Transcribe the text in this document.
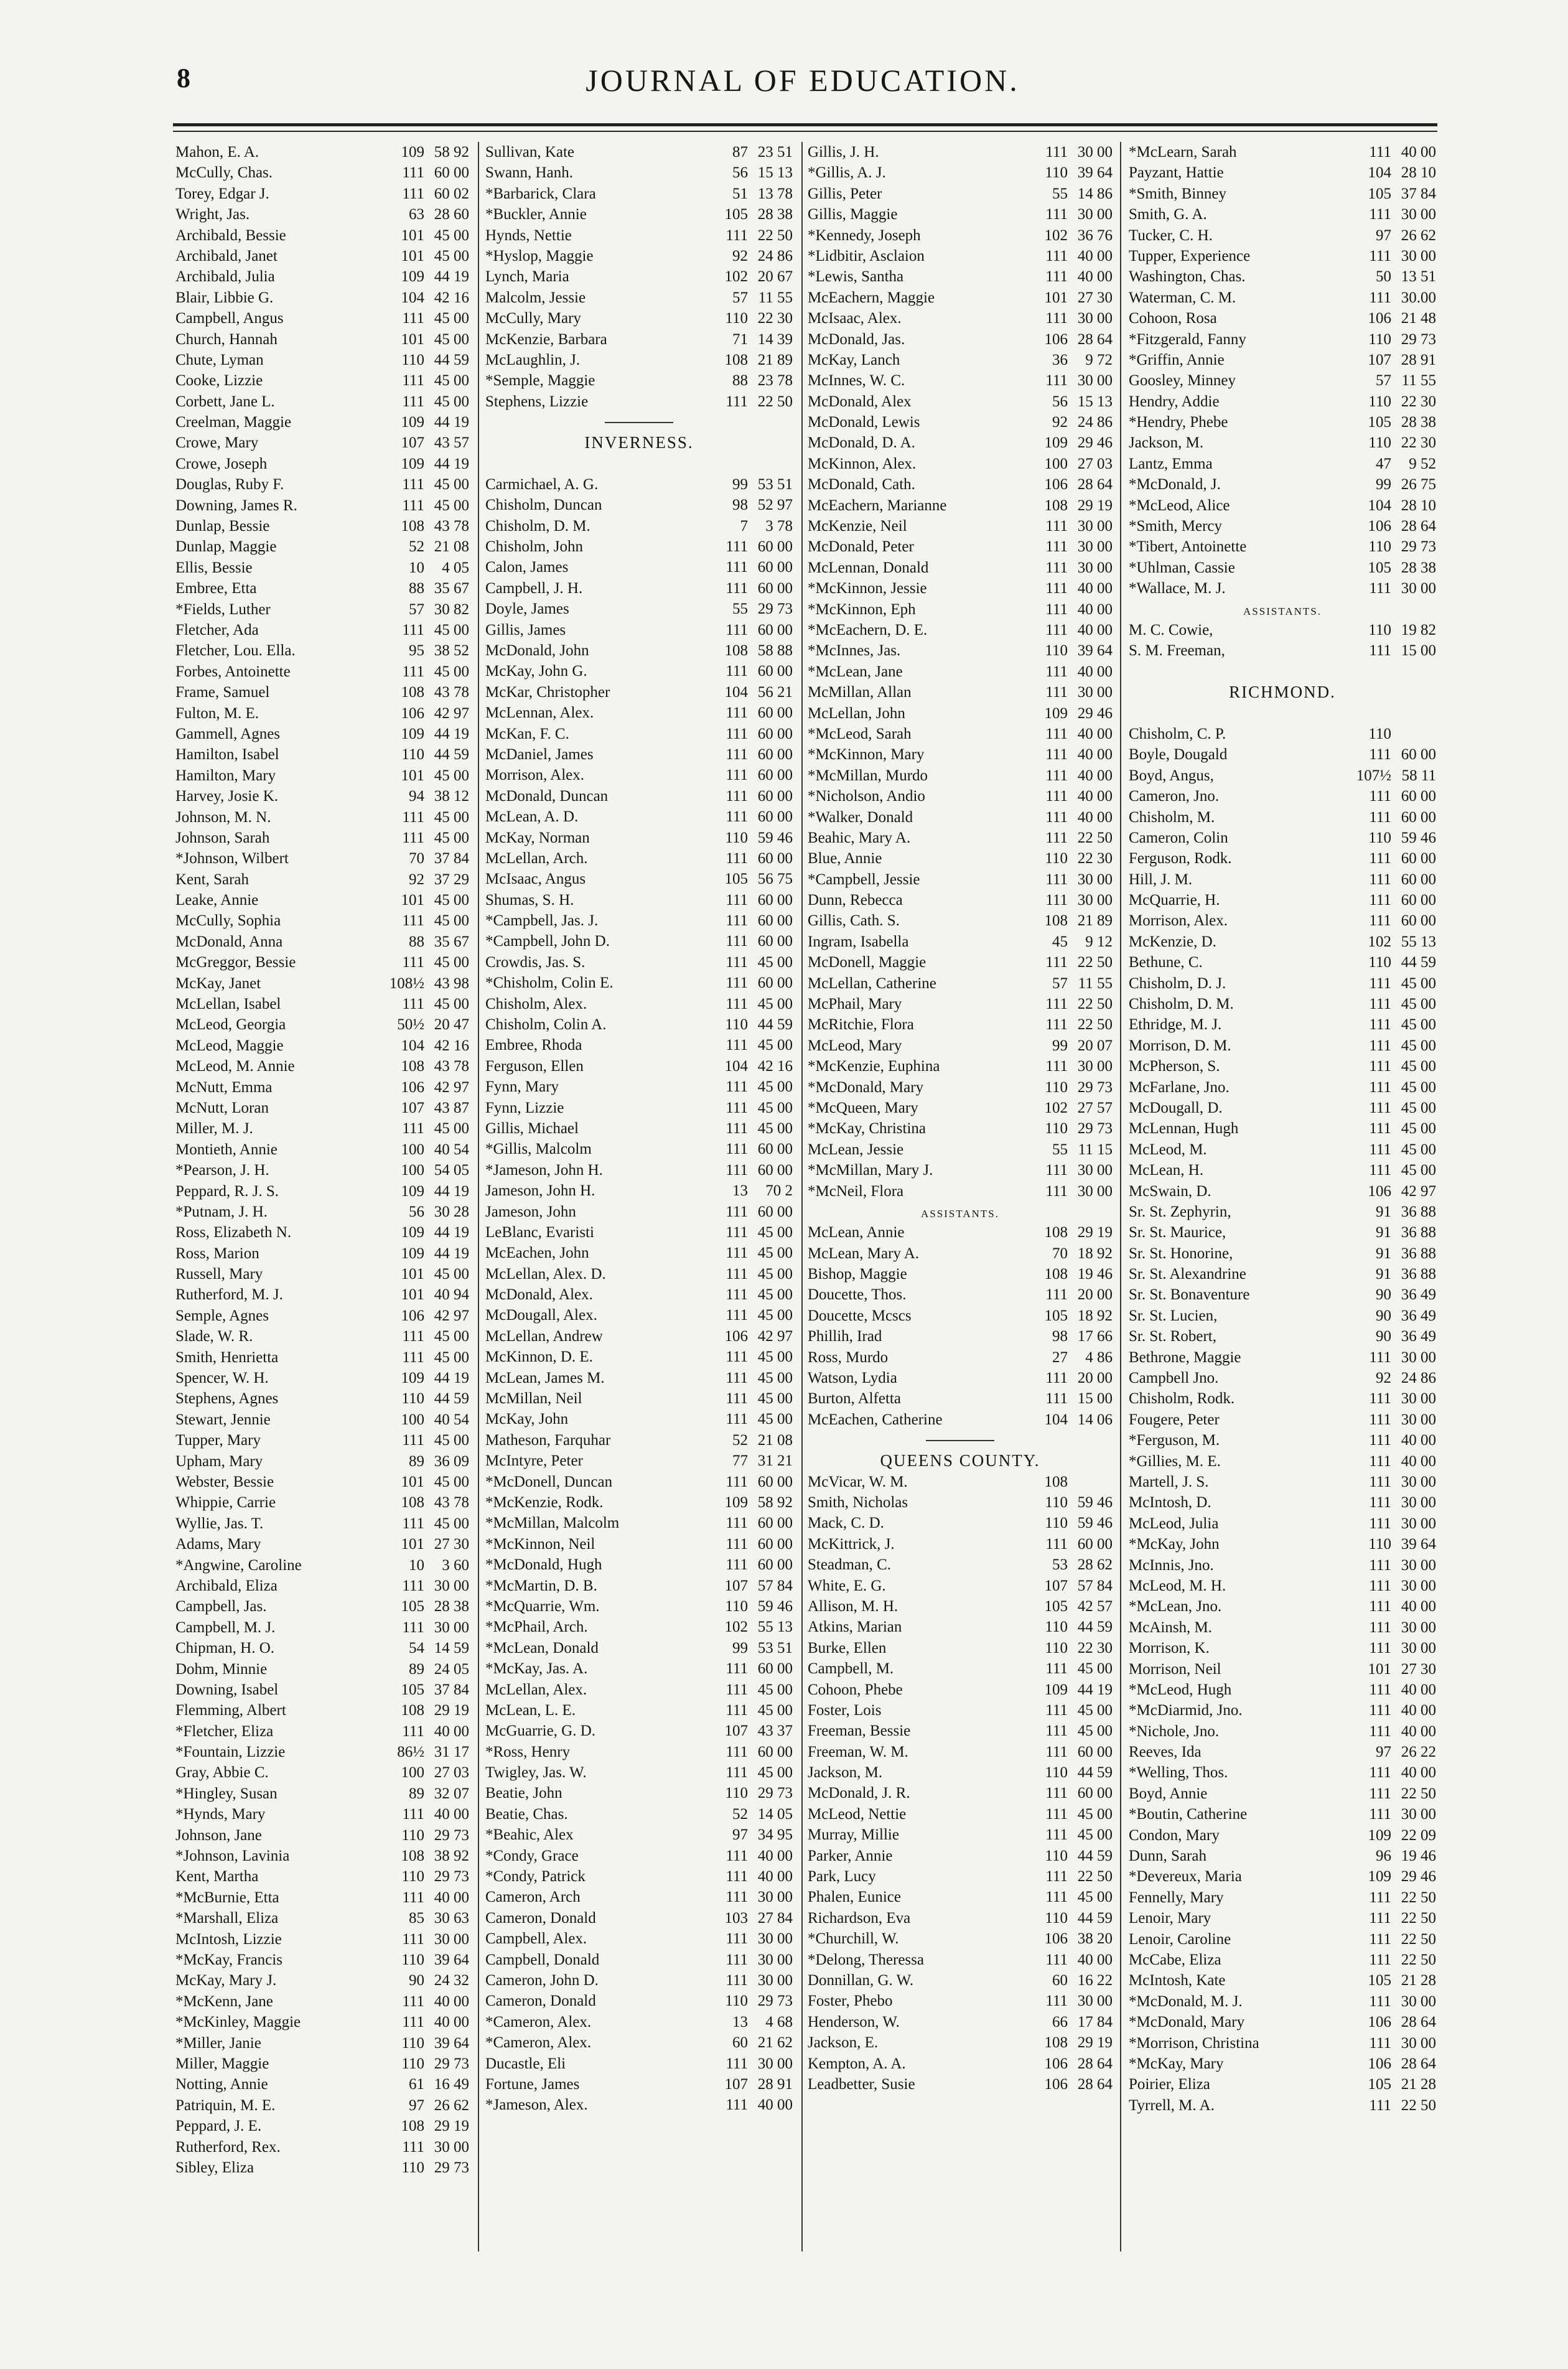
8	JOURNAL OF EDUCATION.
Mahon, E. A.	109 58 92
McCully, Chas.	111 60 00
Torey, Edgar J.	111 60 02
Wright, Jas.	63 28 60
Archibald, Bessie	101 45 00
Archibald, Janet	101 45 00
Archibald, Julia	109 44 19
Blair, Libbie G.	104 42 16
Campbell, Angus	111 45 00
Church, Hannah	101 45 00
Chute, Lyman	110 44 59
Cooke, Lizzie	111 45 00
Corbett, Jane L.	111 45 00
Creelman, Maggie	109 44 19
Crowe, Mary	107 43 57
Crowe, Joseph	109 44 19
Douglas, Ruby F.	111 45 00
Downing, James R.	111 45 00
Dunlap, Bessie	108 43 78
Dunlap, Maggie	52 21 08
Ellis, Bessie	10	4 05
Embree, Etta	88 35 67
*Fields, Luther	57 30 82
Fletcher, Ada	111 45 00
Fletcher, Lou. Ella.	95 38 52
Forbes, Antoinette	111 45 00
Frame, Samuel	108 43 78
Fulton, M. E.	106 42 97
Gammell, Agnes	109 44 19
Hamilton, Isabel	110 44 59
Hamilton, Mary	101 45 00
Harvey, Josie K.	94 38 12
Johnson, M. N.	111 45 00
Johnson, Sarah	111 45 00
*Johnson, Wilbert	70 37 84
Kent, Sarah	92 37 29
Leake, Annie	101 45 00
McCully, Sophia	111 45 00
McDonald, Anna	88 35 67
McGreggor, Bessie	111 45 00
McKay, Janet	108½ 43 98
McLellan, Isabel	111 45 00
McLeod, Georgia	50½ 20 47
McLeod, Maggie	104 42 16
McLeod, M. Annie	108 43 78
McNutt, Emma	106 42 97
McNutt, Loran	107 43 87
Miller, M. J.	111 45 00
Montieth, Annie	100 40 54
*Pearson, J. H.	100 54 05
Peppard, R. J. S.	109 44 19
*Putnam, J. H.	56 30 28
Ross, Elizabeth N.	109 44 19
Ross, Marion	109 44 19
Russell, Mary	101 45 00
Rutherford, M. J.	101 40 94
Semple, Agnes	106 42 97
Slade, W. R.	111 45 00
Smith, Henrietta	111 45 00
Spencer, W. H.	109 44 19
Stephens, Agnes	110 44 59
Stewart, Jennie	100 40 54
Tupper, Mary	111 45 00
Upham, Mary	89 36 09
Webster, Bessie	101 45 00
Whippie, Carrie	108 43 78
Wyllie, Jas. T.	111 45 00
Adams, Mary	101 27 30
*Angwine, Caroline	10	3 60
Archibald, Eliza	111 30 00
Campbell, Jas.	105 28 38
Campbell, M. J.	111 30 00
Chipman, H. O.	54 14 59
Dohm, Minnie	89 24 05
Downing, Isabel	105 37 84
Flemming, Albert	108 29 19
*Fletcher, Eliza	111 40 00
*Fountain, Lizzie	86½ 31 17
Gray, Abbie C.	100 27 03
*Hingley, Susan	89 32 07
*Hynds, Mary	111 40 00
Johnson, Jane	110 29 73
*Johnson, Lavinia	108 38 92
Kent, Martha	110 29 73
*McBurnie, Etta	111 40 00
*Marshall, Eliza	85 30 63
McIntosh, Lizzie	111 30 00
*McKay, Francis	110 39 64
McKay, Mary J.	90 24 32
*McKenn, Jane	111 40 00
*McKinley, Maggie	111 40 00
*Miller, Janie	110 39 64
Miller, Maggie	110 29 73
Notting, Annie	61 16 49
Patriquin, M. E.	97 26 62
Peppard, J. E.	108 29 19
Rutherford, Rex.	111 30 00
Sibley, Eliza	110 29 73
Sullivan, Kate	87 23 51
Swann, Hanh.	56 15 13
*Barbarick, Clara	51 13 78
*Buckler, Annie	105 28 38
Hynds, Nettie	111 22 50
*Hyslop, Maggie	92 24 86
Lynch, Maria	102 20 67
Malcolm, Jessie	57 11 55
McCully, Mary	110 22 30
McKenzie, Barbara	71 14 39
McLaughlin, J.	108 21 89
*Semple, Maggie	88 23 78
Stephens, Lizzie	111 22 50
INVERNESS.
Carmichael, A. G.	99 53 51
Chisholm, Duncan	98 52 97
Chisholm, D. M.	7	3 78
Chisholm, John	111 60 00
Calon, James	111 60 00
Campbell, J. H.	111 60 00
Doyle, James	55 29 73
Gillis, James	111 60 00
McDonald, John	108 58 88
McKay, John G.	111 60 00
McKar, Christopher	104 56 21
McLennan, Alex.	111 60 00
McKan, F. C.	111 60 00
McDaniel, James	111 60 00
Morrison, Alex.	111 60 00
McDonald, Duncan	111 60 00
McLean, A. D.	111 60 00
McKay, Norman	110 59 46
McLellan, Arch.	111 60 00
McIsaac, Angus	105 56 75
Shumas, S. H.	111 60 00
*Campbell, Jas. J.	111 60 00
*Campbell, John D.	111 60 00
Crowdis, Jas. S.	111 45 00
*Chisholm, Colin E.	111 60 00
Chisholm, Alex.	111 45 00
Chisholm, Colin A.	110 44 59
Embree, Rhoda	111 45 00
Ferguson, Ellen	104 42 16
Fynn, Mary	111 45 00
Fynn, Lizzie	111 45 00
Gillis, Michael	111 45 00
*Gillis, Malcolm	111 60 00
*Jameson, John H.	111 60 00
Jameson, John H.	13	70 2
Jameson, John	111 60 00
LeBlanc, Evaristi	111 45 00
McEachen, John	111 45 00
McLellan, Alex. D.	111 45 00
McDonald, Alex.	111 45 00
McDougall, Alex.	111 45 00
McLellan, Andrew	106 42 97
McKinnon, D. E.	111 45 00
McLean, James M.	111 45 00
McMillan, Neil	111 45 00
McKay, John	111 45 00
Matheson, Farquhar	52 21 08
McIntyre, Peter	77 31 21
*McDonell, Duncan	111 60 00
*McKenzie, Rodk.	109 58 92
*McMillan, Malcolm	111 60 00
*McKinnon, Neil	111 60 00
*McDonald, Hugh	111 60 00
*McMartin, D. B.	107 57 84
*McQuarrie, Wm.	110 59 46
*McPhail, Arch.	102 55 13
*McLean, Donald	99 53 51
*McKay, Jas. A.	111 60 00
McLellan, Alex.	111 45 00
McLean, L. E.	111 45 00
McGuarrie, G. D.	107 43 37
*Ross, Henry	111 60 00
Twigley, Jas. W.	111 45 00
Beatie, John	110 29 73
Beatie, Chas.	52 14 05
*Beahic, Alex	97 34 95
*Condy, Grace	111 40 00
*Condy, Patrick	111 40 00
Cameron, Arch	111 30 00
Cameron, Donald	103 27 84
Campbell, Alex.	111 30 00
Campbell, Donald	111 30 00
Cameron, John D.	111 30 00
Cameron, Donald	110 29 73
*Cameron, Alex.	13	4 68
*Cameron, Alex.	60 21 62
Ducastle, Eli	111 30 00
Fortune, James	107 28 91
*Jameson, Alex.	111 40 00
Gillis, J. H.	111 30 00
*Gillis, A. J.	110 39 64
Gillis, Peter	55 14 86
Gillis, Maggie	111 30 00
*Kennedy, Joseph	102 36 76
*Lidbitir, Asclaion	111 40 00
*Lewis, Santha	111 40 00
McEachern, Maggie	101 27 30
McIsaac, Alex.	111 30 00
McDonald, Jas.	106 28 64
McKay, Lanch	36	9 72
McInnes, W. C.	111 30 00
McDonald, Alex	56 15 13
McDonald, Lewis	92 24 86
McDonald, D. A.	109 29 46
McKinnon, Alex.	100 27 03
McDonald, Cath.	106 28 64
McEachern, Marianne	108 29 19
McKenzie, Neil	111 30 00
McDonald, Peter	111 30 00
McLennan, Donald	111 30 00
*McKinnon, Jessie	111 40 00
*McKinnon, Eph	111 40 00
*McEachern, D. E.	111 40 00
*McInnes, Jas.	110 39 64
*McLean, Jane	111 40 00
McMillan, Allan	111 30 00
McLellan, John	109 29 46
*McLeod, Sarah	111 40 00
*McKinnon, Mary	111 40 00
*McMillan, Murdo	111 40 00
*Nicholson, Andio	111 40 00
*Walker, Donald	111 40 00
Beahic, Mary A.	111 22 50
Blue, Annie	110 22 30
*Campbell, Jessie	111 30 00
Dunn, Rebecca	111 30 00
Gillis, Cath. S.	108 21 89
Ingram, Isabella	45	9 12
McDonell, Maggie	111 22 50
McLellan, Catherine	57 11 55
McPhail, Mary	111 22 50
McRitchie, Flora	111 22 50
McLeod, Mary	99 20 07
*McKenzie, Euphina	111 30 00
*McDonald, Mary	110 29 73
*McQueen, Mary	102 27 57
*McKay, Christina	110 29 73
McLean, Jessie	55 11 15
*McMillan, Mary J.	111 30 00
*McNeil, Flora	111 30 00
ASSISTANTS.
McLean, Annie	108 29 19
McLean, Mary A.	70 18 92
Bishop, Maggie	108 19 46
Doucette, Thos.	111 20 00
Doucette, Mcscs	105 18 92
Phillih, Irad	98 17 66
Ross, Murdo	27	4 86
Watson, Lydia	111 20 00
Burton, Alfetta	111 15 00
McEachen, Catherine	104 14 06
QUEENS COUNTY.
McVicar, W. M.	108
Smith, Nicholas	110 59 46
Mack, C. D.	110 59 46
McKittrick, J.	111 60 00
Steadman, C.	53 28 62
White, E. G.	107 57 84
Allison, M. H.	105 42 57
Atkins, Marian	110 44 59
Burke, Ellen	110 22 30
Campbell, M.	111 45 00
Cohoon, Phebe	109 44 19
Foster, Lois	111 45 00
Freeman, Bessie	111 45 00
Freeman, W. M.	111 60 00
Jackson, M.	110 44 59
McDonald, J. R.	111 60 00
McLeod, Nettie	111 45 00
Murray, Millie	111 45 00
Parker, Annie	110 44 59
Park, Lucy	111 22 50
Phalen, Eunice	111 45 00
Richardson, Eva	110 44 59
*Churchill, W.	106 38 20
*Delong, Theressa	111 40 00
Donnillan, G. W.	60 16 22
Foster, Phebo	111 30 00
Henderson, W.	66 17 84
Jackson, E.	108 29 19
Kempton, A. A.	106 28 64
Leadbetter, Susie	106 28 64
*McLearn, Sarah	111 40 00
Payzant, Hattie	104 28 10
*Smith, Binney	105 37 84
Smith, G. A.	111 30 00
Tucker, C. H.	97 26 62
Tupper, Experience	111 30 00
Washington, Chas.	50 13 51
Waterman, C. M.	111 30.00
Cohoon, Rosa	106 21 48
*Fitzgerald, Fanny	110 29 73
*Griffin, Annie	107 28 91
Goosley, Minney	57 11 55
Hendry, Addie	110 22 30
*Hendry, Phebe	105 28 38
Jackson, M.	110 22 30
Lantz, Emma	47	9 52
*McDonald, J.	99 26 75
*McLeod, Alice	104 28 10
*Smith, Mercy	106 28 64
*Tibert, Antoinette	110 29 73
*Uhlman, Cassie	105 28 38
*Wallace, M. J.	111 30 00
ASSISTANTS.
M. C. Cowie,	110 19 82
S. M. Freeman,	111 15 00
RICHMOND.
Chisholm, C. P.	110
Boyle, Dougald	111 60 00
Boyd, Angus,	107½ 58 11
Cameron, Jno.	111 60 00
Chisholm, M.	111 60 00
Cameron, Colin	110 59 46
Ferguson, Rodk.	111 60 00
Hill, J. M.	111 60 00
McQuarrie, H.	111 60 00
Morrison, Alex.	111 60 00
McKenzie, D.	102 55 13
Bethune, C.	110 44 59
Chisholm, D. J.	111 45 00
Chisholm, D. M.	111 45 00
Ethridge, M. J.	111 45 00
Morrison, D. M.	111 45 00
McPherson, S.	111 45 00
McFarlane, Jno.	111 45 00
McDougall, D.	111 45 00
McLennan, Hugh	111 45 00
McLeod, M.	111 45 00
McLean, H.	111 45 00
McSwain, D.	106 42 97
Sr. St. Zephyrin,	91 36 88
Sr. St. Maurice,	91 36 88
Sr. St. Honorine,	91 36 88
Sr. St. Alexandrine	91 36 88
Sr. St. Bonaventure	90 36 49
Sr. St. Lucien,	90 36 49
Sr. St. Robert,	90 36 49
Bethrone, Maggie	111 30 00
Campbell Jno.	92 24 86
Chisholm, Rodk.	111 30 00
Fougere, Peter	111 30 00
*Ferguson, M.	111 40 00
*Gillies, M. E.	111 40 00
Martell, J. S.	111 30 00
McIntosh, D.	111 30 00
McLeod, Julia	111 30 00
*McKay, John	110 39 64
McInnis, Jno.	111 30 00
McLeod, M. H.	111 30 00
*McLean, Jno.	111 40 00
McAinsh, M.	111 30 00
Morrison, K.	111 30 00
Morrison, Neil	101 27 30
*McLeod, Hugh	111 40 00
*McDiarmid, Jno.	111 40 00
*Nichole, Jno.	111 40 00
Reeves, Ida	97 26 22
*Welling, Thos.	111 40 00
Boyd, Annie	111 22 50
*Boutin, Catherine	111 30 00
Condon, Mary	109 22 09
Dunn, Sarah	96 19 46
*Devereux, Maria	109 29 46
Fennelly, Mary	111 22 50
Lenoir, Mary	111 22 50
Lenoir, Caroline	111 22 50
McCabe, Eliza	111 22 50
McIntosh, Kate	105 21 28
*McDonald, M. J.	111 30 00
*McDonald, Mary	106 28 64
*Morrison, Christina	111 30 00
*McKay, Mary	106 28 64
Poirier, Eliza	105 21 28
Tyrrell, M. A.	111 22 50
